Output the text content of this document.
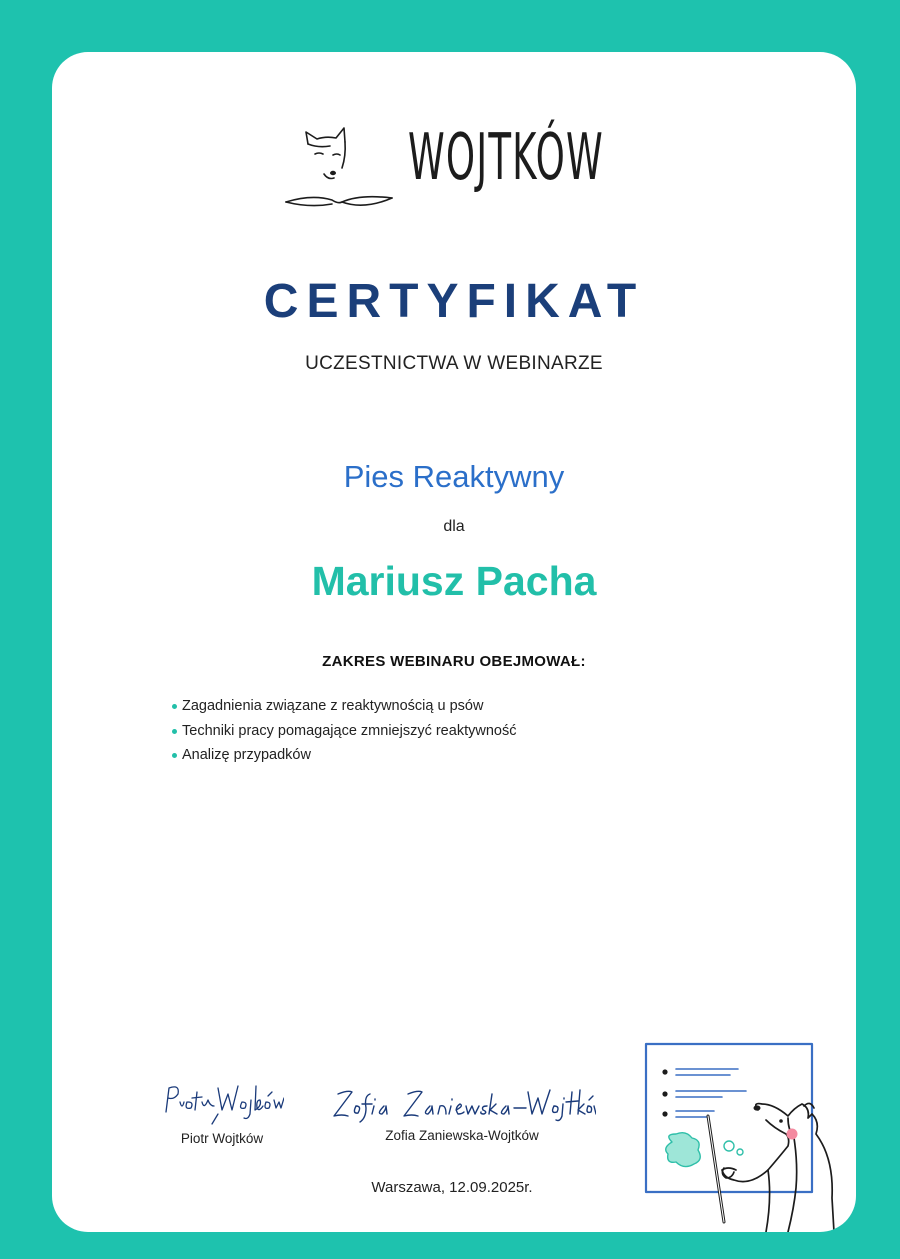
WOJTKÓW
CERTYFIKAT
UCZESTNICTWA W WEBINARZE
Pies Reaktywny
dla
Mariusz Pacha
ZAKRES WEBINARU OBEJMOWAŁ:
Zagadnienia związane z reaktywnością u psów
Techniki pracy pomagające zmniejszyć reaktywność
Analizę przypadków
Piotr Wojtków	Zofia Zaniewska-Wojtków
Warszawa, 12.09.2025r.
